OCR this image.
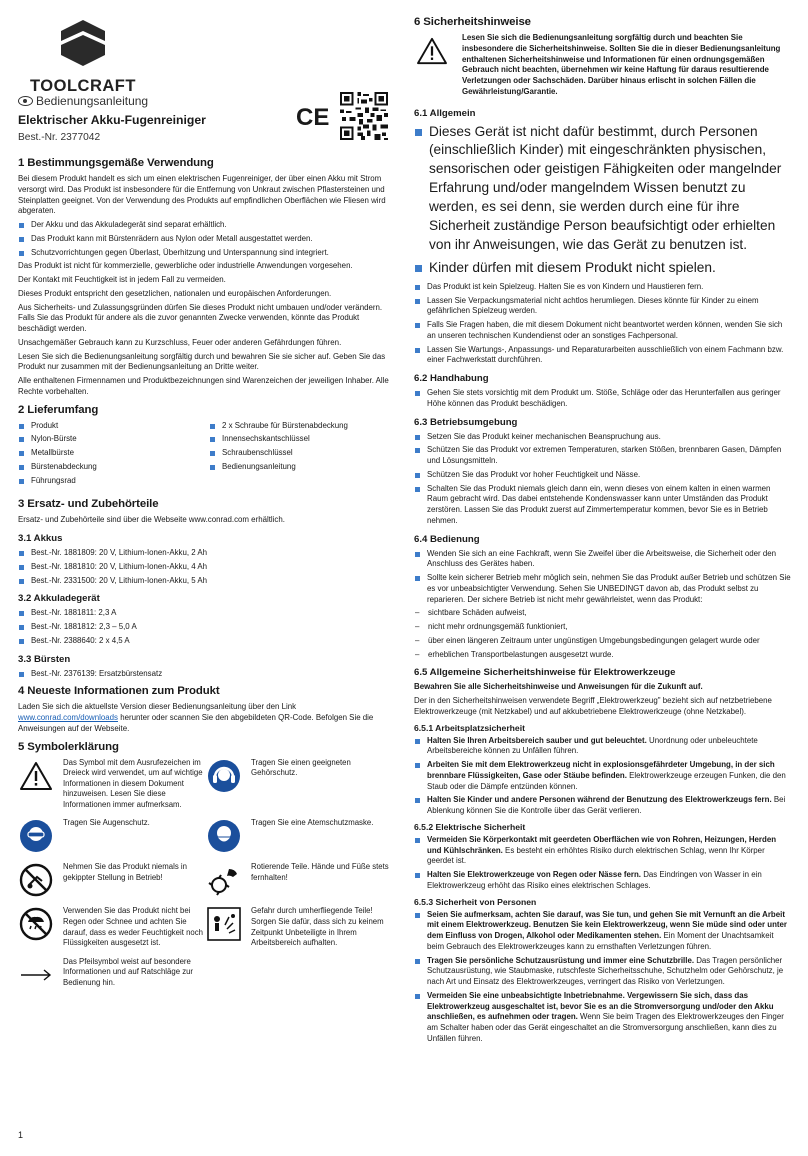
TOOLCRAFT
Bedienungsanleitung
Elektrischer Akku-Fugenreiniger
Best.-Nr. 2377042
CE
1 Bestimmungsgemäße Verwendung
Bei diesem Produkt handelt es sich um einen elektrischen Fugenreiniger, der über einen Akku mit Strom versorgt wird. Das Produkt ist insbesondere für die Entfernung von Unkraut zwischen Pflastersteinen und Steinplatten geeignet. Von der Verwendung des Produkts auf empfindlichen Oberflächen wie Fliesen wird abgeraten.
Der Akku und das Akkuladegerät sind separat erhältlich.
Das Produkt kann mit Bürstenrädern aus Nylon oder Metall ausgestattet werden.
Schutzvorrichtungen gegen Überlast, Überhitzung und Unterspannung sind integriert.
Das Produkt ist nicht für kommerzielle, gewerbliche oder industrielle Anwendungen vorgesehen.
Der Kontakt mit Feuchtigkeit ist in jedem Fall zu vermeiden.
Dieses Produkt entspricht den gesetzlichen, nationalen und europäischen Anforderungen.
Aus Sicherheits- und Zulassungsgründen dürfen Sie dieses Produkt nicht umbauen und/oder verändern. Falls Sie das Produkt für andere als die zuvor genannten Zwecke verwenden, könnte das Produkt beschädigt werden.
Unsachgemäßer Gebrauch kann zu Kurzschluss, Feuer oder anderen Gefährdungen führen.
Lesen Sie sich die Bedienungsanleitung sorgfältig durch und bewahren Sie sie sicher auf. Geben Sie das Produkt nur zusammen mit der Bedienungsanleitung an Dritte weiter.
Alle enthaltenen Firmennamen und Produktbezeichnungen sind Warenzeichen der jeweiligen Inhaber. Alle Rechte vorbehalten.
2 Lieferumfang
Produkt
Nylon-Bürste
Metallbürste
Bürstenabdeckung
Führungsrad
2 x Schraube für Bürstenabdeckung
Innensechskantschlüssel
Schraubenschlüssel
Bedienungsanleitung
3 Ersatz- und Zubehörteile
Ersatz- und Zubehörteile sind über die Webseite www.conrad.com erhältlich.
3.1 Akkus
Best.-Nr. 1881809: 20 V, Lithium-Ionen-Akku, 2 Ah
Best.-Nr. 1881810: 20 V, Lithium-Ionen-Akku, 4 Ah
Best.-Nr. 2331500: 20 V, Lithium-Ionen-Akku, 5 Ah
3.2 Akkuladegerät
Best.-Nr. 1881811: 2,3 A
Best.-Nr. 1881812: 2,3 – 5,0 A
Best.-Nr. 2388640: 2 x 4,5 A
3.3 Bürsten
Best.-Nr. 2376139: Ersatzbürstensatz
4 Neueste Informationen zum Produkt
Laden Sie sich die aktuellste Version dieser Bedienungsanleitung über den Link www.conrad.com/downloads herunter oder scannen Sie den abgebildeten QR-Code. Befolgen Sie die Anweisungen auf der Webseite.
5 Symbolerklärung
Das Symbol mit dem Ausrufezeichen im Dreieck wird verwendet, um auf wichtige Informationen in diesem Dokument hinzuweisen. Lesen Sie diese Informationen immer aufmerksam.
Tragen Sie einen geeigneten Gehörschutz.
Tragen Sie Augenschutz.	Tragen Sie eine Atemschutzmaske.
Nehmen Sie das Produkt niemals in gekippter Stellung in Betrieb!
Rotierende Teile. Hände und Füße stets fernhalten!
Verwenden Sie das Produkt nicht bei Regen oder Schnee und achten Sie darauf, dass es weder Feuchtigkeit noch Flüssigkeiten ausgesetzt ist.
Gefahr durch umherfliegende Teile! Sorgen Sie dafür, dass sich zu keinem Zeitpunkt Unbeteiligte in Ihrem Arbeitsbereich aufhalten.
Das Pfeilsymbol weist auf besondere Informationen und auf Ratschläge zur Bedienung hin.
6 Sicherheitshinweise
Lesen Sie sich die Bedienungsanleitung sorgfältig durch und beachten Sie insbesondere die Sicherheitshinweise. Sollten Sie die in dieser Bedienungsanleitung enthaltenen Sicherheitshinweise und Informationen für einen ordnungsgemäßen Gebrauch nicht beachten, übernehmen wir keine Haftung für daraus resultierende Verletzungen oder Sachschäden. Darüber hinaus erlischt in solchen Fällen die Gewährleistung/Garantie.
6.1 Allgemein
Dieses Gerät ist nicht dafür bestimmt, durch Personen (einschließlich Kinder) mit eingeschränkten physischen, sensorischen oder geistigen Fähigkeiten oder mangelnder Erfahrung und/oder mangelndem Wissen benutzt zu werden, es sei denn, sie werden durch eine für ihre Sicherheit zuständige Person beaufsichtigt oder erhielten von ihr Anweisungen, wie das Gerät zu benutzen ist.
Kinder dürfen mit diesem Produkt nicht spielen.
Das Produkt ist kein Spielzeug. Halten Sie es von Kindern und Haustieren fern.
Lassen Sie Verpackungsmaterial nicht achtlos herumliegen. Dieses könnte für Kinder zu einem gefährlichen Spielzeug werden.
Falls Sie Fragen haben, die mit diesem Dokument nicht beantwortet werden können, wenden Sie sich an unseren technischen Kundendienst oder an sonstiges Fachpersonal.
Lassen Sie Wartungs-, Anpassungs- und Reparaturarbeiten ausschließlich von einem Fachmann bzw. einer Fachwerkstatt durchführen.
6.2 Handhabung
Gehen Sie stets vorsichtig mit dem Produkt um. Stöße, Schläge oder das Herunterfallen aus geringer Höhe können das Produkt beschädigen.
6.3 Betriebsumgebung
Setzen Sie das Produkt keiner mechanischen Beanspruchung aus.
Schützen Sie das Produkt vor extremen Temperaturen, starken Stößen, brennbaren Gasen, Dämpfen und Lösungsmitteln.
Schützen Sie das Produkt vor hoher Feuchtigkeit und Nässe.
Schalten Sie das Produkt niemals gleich dann ein, wenn dieses von einem kalten in einen warmen Raum gebracht wird. Das dabei entstehende Kondenswasser kann unter Umständen das Produkt zerstören. Lassen Sie das Produkt zuerst auf Zimmertemperatur kommen, bevor Sie es in Betrieb nehmen.
6.4 Bedienung
Wenden Sie sich an eine Fachkraft, wenn Sie Zweifel über die Arbeitsweise, die Sicherheit oder den Anschluss des Gerätes haben.
Sollte kein sicherer Betrieb mehr möglich sein, nehmen Sie das Produkt außer Betrieb und schützen Sie es vor unbeabsichtigter Verwendung. Sehen Sie UNBEDINGT davon ab, das Produkt selbst zu reparieren. Der sichere Betrieb ist nicht mehr gewährleistet, wenn das Produkt:
– sichtbare Schäden aufweist,
– nicht mehr ordnungsgemäß funktioniert,
– über einen längeren Zeitraum unter ungünstigen Umgebungsbedingungen gelagert wurde oder
– erheblichen Transportbelastungen ausgesetzt wurde.
6.5 Allgemeine Sicherheitshinweise für Elektrowerkzeuge
Bewahren Sie alle Sicherheitshinweise und Anweisungen für die Zukunft auf.
Der in den Sicherheitshinweisen verwendete Begriff „Elektrowerkzeug" bezieht sich auf netzbetriebene Elektrowerkzeuge (mit Netzkabel) und auf akkubetriebene Elektrowerkzeuge (ohne Netzkabel).
6.5.1 Arbeitsplatzsicherheit
Halten Sie Ihren Arbeitsbereich sauber und gut beleuchtet. Unordnung oder unbeleuchtete Arbeitsbereiche können zu Unfällen führen.
Arbeiten Sie mit dem Elektrowerkzeug nicht in explosionsgefährdeter Umgebung, in der sich brennbare Flüssigkeiten, Gase oder Stäube befinden. Elektrowerkzeuge erzeugen Funken, die den Staub oder die Dämpfe entzünden können.
Halten Sie Kinder und andere Personen während der Benutzung des Elektrowerkzeugs fern. Bei Ablenkung können Sie die Kontrolle über das Gerät verlieren.
6.5.2 Elektrische Sicherheit
Vermeiden Sie Körperkontakt mit geerdeten Oberflächen wie von Rohren, Heizungen, Herden und Kühlschränken. Es besteht ein erhöhtes Risiko durch elektrischen Schlag, wenn Ihr Körper geerdet ist.
Halten Sie Elektrowerkzeuge von Regen oder Nässe fern. Das Eindringen von Wasser in ein Elektrowerkzeug erhöht das Risiko eines elektrischen Schlages.
6.5.3 Sicherheit von Personen
Seien Sie aufmerksam, achten Sie darauf, was Sie tun, und gehen Sie mit Vernunft an die Arbeit mit einem Elektrowerkzeug. Benutzen Sie kein Elektrowerkzeug, wenn Sie müde sind oder unter dem Einfluss von Drogen, Alkohol oder Medikamenten stehen. Ein Moment der Unachtsamkeit beim Gebrauch des Elektrowerkzeuges kann zu ernsthaften Verletzungen führen.
Tragen Sie persönliche Schutzausrüstung und immer eine Schutzbrille. Das Tragen persönlicher Schutzausrüstung, wie Staubmaske, rutschfeste Sicherheitsschuhe, Schutzhelm oder Gehörschutz, je nach Art und Einsatz des Elektrowerkzeuges, verringert das Risiko von Verletzungen.
Vermeiden Sie eine unbeabsichtigte Inbetriebnahme. Vergewissern Sie sich, dass das Elektrowerkzeug ausgeschaltet ist, bevor Sie es an die Stromversorgung und/oder den Akku anschließen, es aufnehmen oder tragen. Wenn Sie beim Tragen des Elektrowerkzeuges den Finger am Schalter haben oder das Gerät eingeschaltet an die Stromversorgung anschließen, kann dies zu Unfällen führen.
1
